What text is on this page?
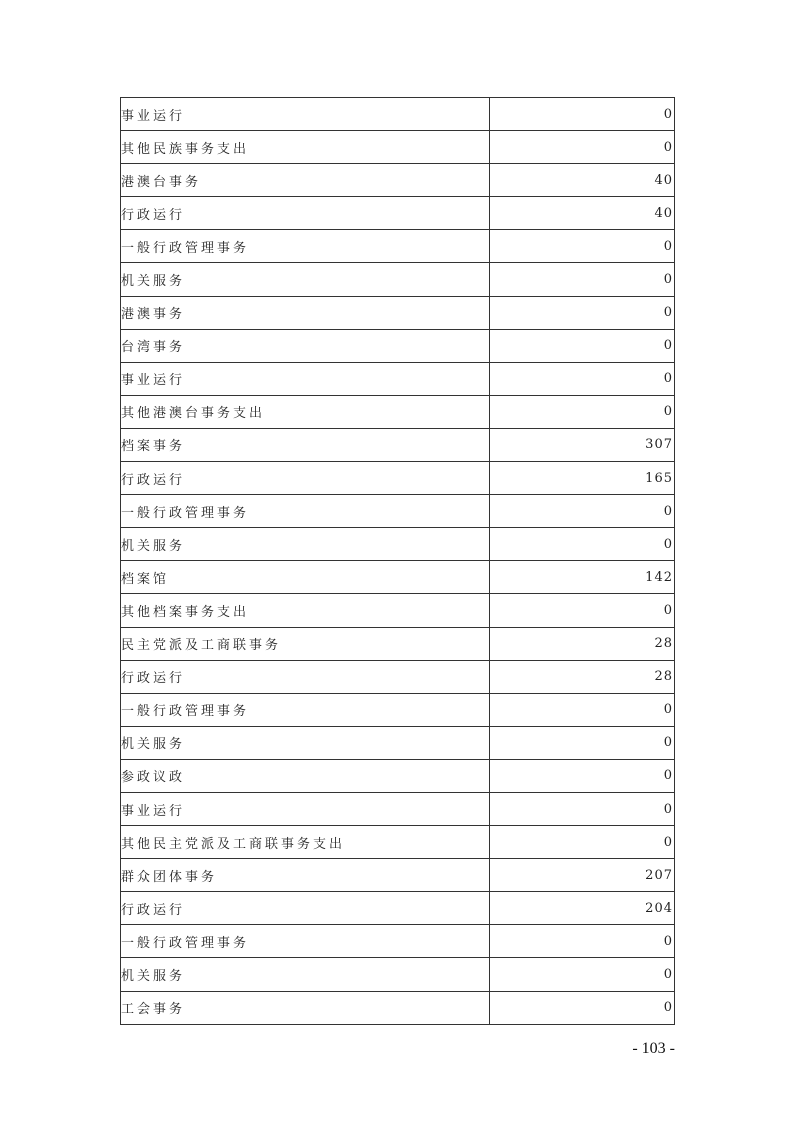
事业运行	0
其他民族事务支出	0
港澳台事务	40
行政运行	40
一般行政管理事务	0
机关服务	0
港澳事务	0
台湾事务	0
事业运行	0
其他港澳台事务支出	0
档案事务	307
行政运行	165
一般行政管理事务	0
机关服务	0
档案馆	142
其他档案事务支出	0
民主党派及工商联事务	28
行政运行	28
一般行政管理事务	0
机关服务	0
参政议政	0
事业运行	0
其他民主党派及工商联事务支出	0
群众团体事务	207
行政运行	204
一般行政管理事务	0
机关服务	0
工会事务	0
- 103 -
